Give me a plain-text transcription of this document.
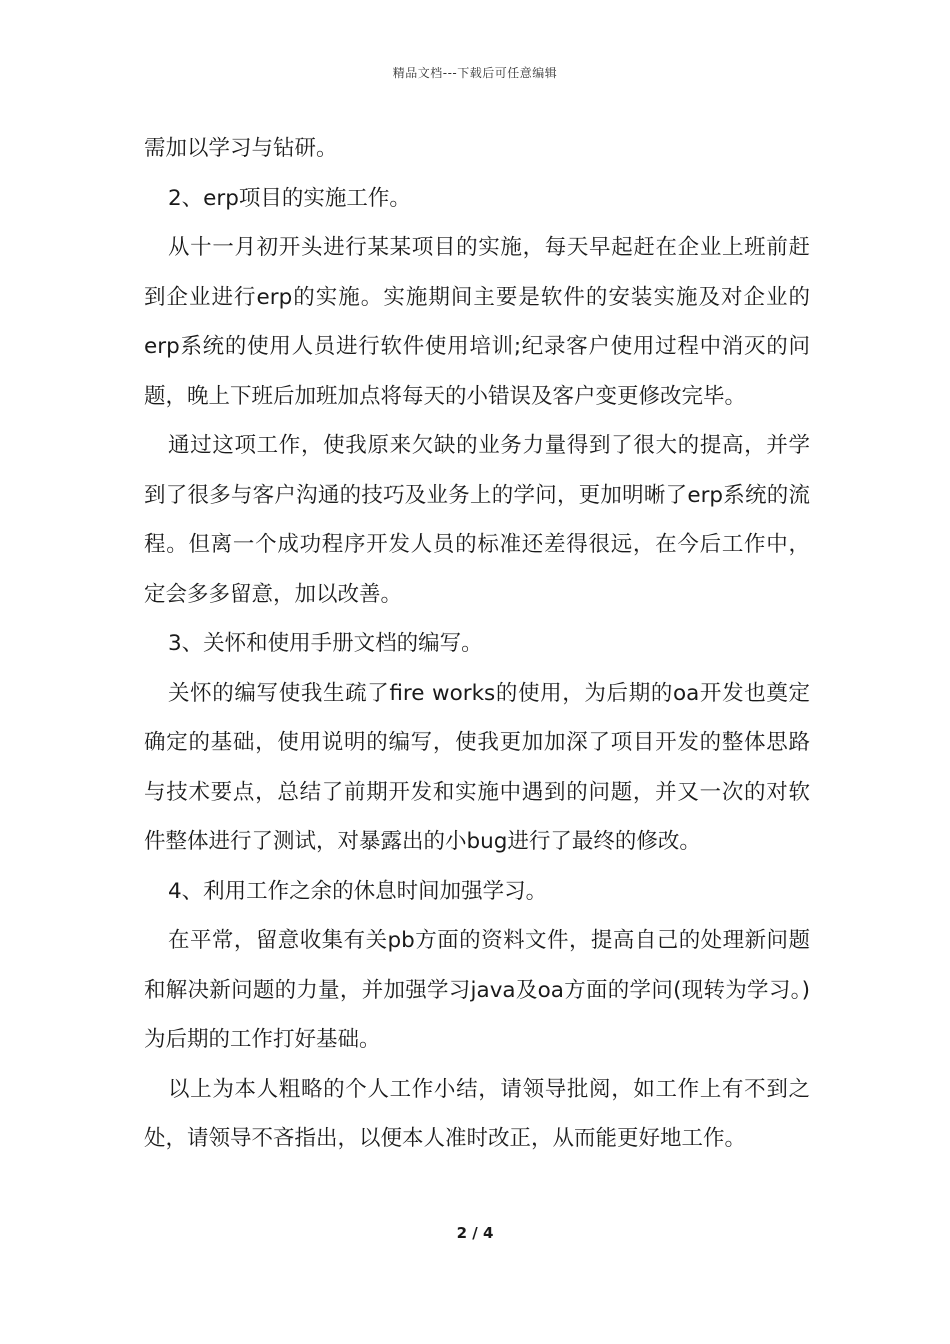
精品文档---下载后可任意编辑

需加以学习与钻研。

2、erp项目的实施工作。

从十一月初开头进行某某项目的实施，每天早起赶在企业上班前赶到企业进行erp的实施。实施期间主要是软件的安装实施及对企业的erp系统的使用人员进行软件使用培训;纪录客户使用过程中消灭的问题，晚上下班后加班加点将每天的小错误及客户变更修改完毕。

通过这项工作，使我原来欠缺的业务力量得到了很大的提高，并学到了很多与客户沟通的技巧及业务上的学问，更加明晰了erp系统的流程。但离一个成功程序开发人员的标准还差得很远，在今后工作中，定会多多留意，加以改善。

3、关怀和使用手册文档的编写。

关怀的编写使我生疏了fire works的使用，为后期的oa开发也奠定确定的基础，使用说明的编写，使我更加加深了项目开发的整体思路与技术要点，总结了前期开发和实施中遇到的问题，并又一次的对软件整体进行了测试，对暴露出的小bug进行了最终的修改。

4、利用工作之余的休息时间加强学习。

在平常，留意收集有关pb方面的资料文件，提高自己的处理新问题和解决新问题的力量，并加强学习java及oa方面的学问(现转为学习。)为后期的工作打好基础。

以上为本人粗略的个人工作小结，请领导批阅，如工作上有不到之处，请领导不吝指出，以便本人准时改正，从而能更好地工作。

2 / 4
